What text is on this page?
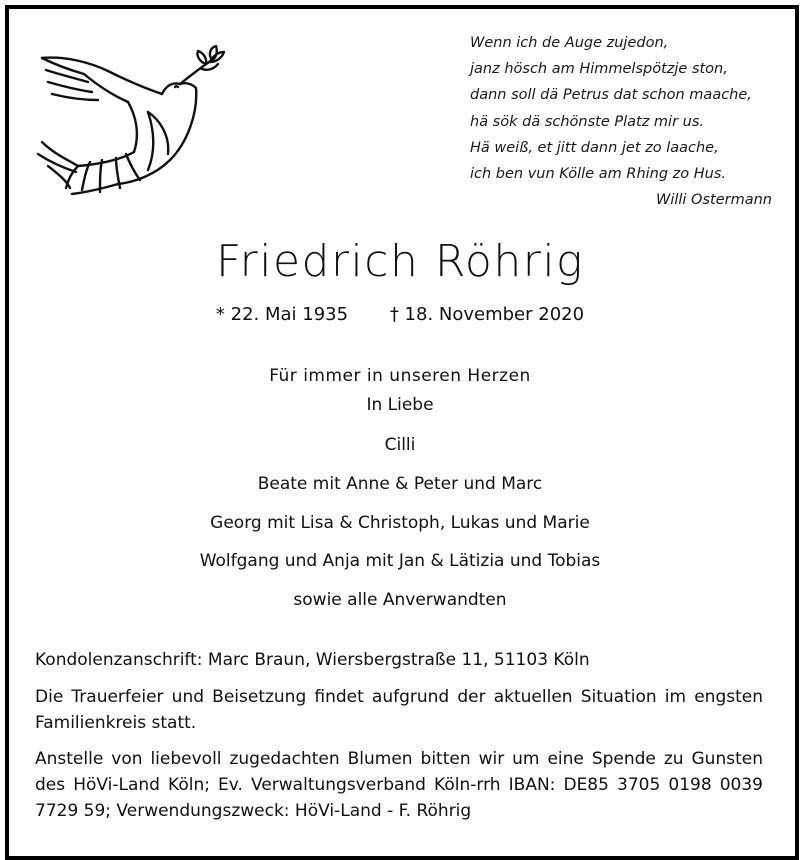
Wenn ich de Auge zujedon,
janz hösch am Himmelspötzje ston,
dann soll dä Petrus dat schon maache,
hä sök dä schönste Platz mir us.
Hä weiß, et jitt dann jet zo laache,
ich ben vun Kölle am Rhing zo Hus.
Willi Ostermann
Friedrich Röhrig
* 22. Mai 1935 † 18. November 2020
Für immer in unseren Herzen
In Liebe
Cilli
Beate mit Anne & Peter und Marc
Georg mit Lisa & Christoph, Lukas und Marie
Wolfgang und Anja mit Jan & Lätizia und Tobias
sowie alle Anverwandten
Kondolenzanschrift: Marc Braun, Wiersbergstraße 11, 51103 Köln
Die Trauerfeier und Beisetzung findet aufgrund der aktuellen Situation im engsten Familienkreis statt.
Anstelle von liebevoll zugedachten Blumen bitten wir um eine Spende zu Gunsten des HöVi-Land Köln; Ev. Verwaltungsverband Köln-rrh IBAN: DE85 3705 0198 0039 7729 59; Verwendungszweck: HöVi-Land - F. Röhrig
